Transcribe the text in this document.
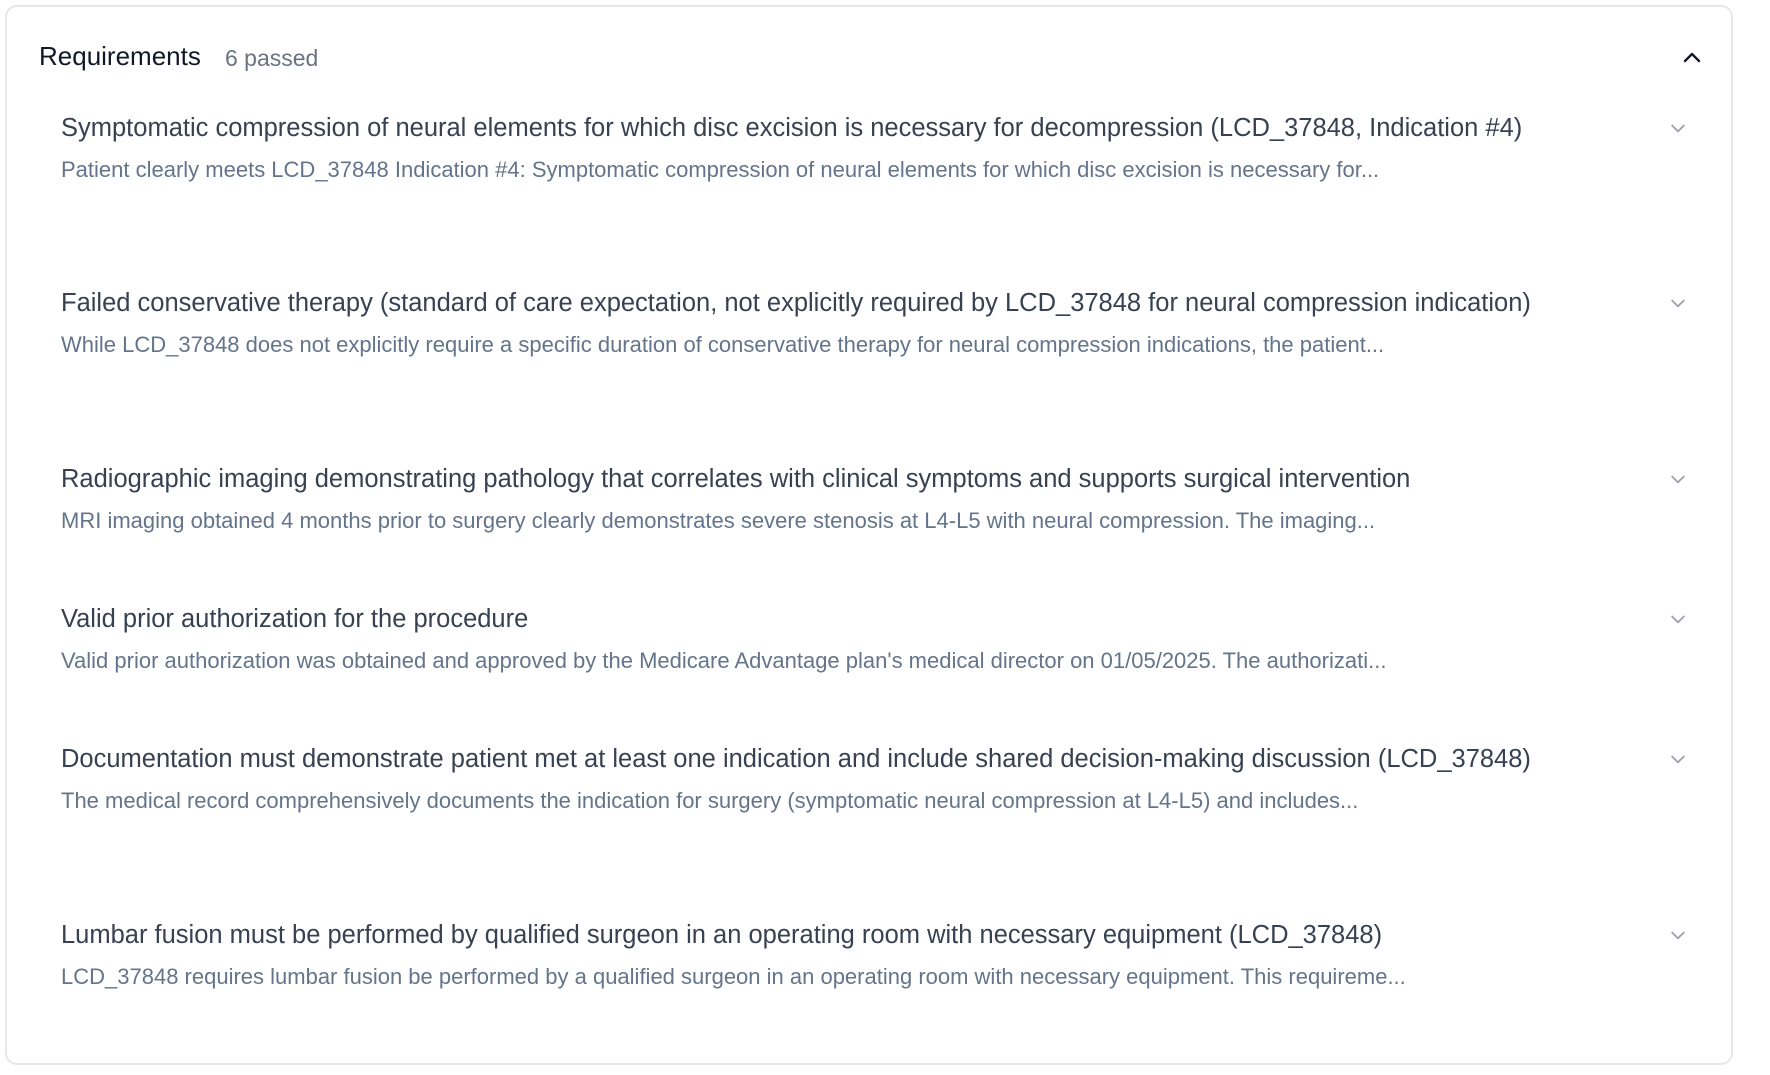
Requirements 6 passed
Symptomatic compression of neural elements for which disc excision is necessary for decompression (LCD_37848, Indication #4)
Patient clearly meets LCD_37848 Indication #4: Symptomatic compression of neural elements for which disc excision is necessary for...
Failed conservative therapy (standard of care expectation, not explicitly required by LCD_37848 for neural compression indication)
While LCD_37848 does not explicitly require a specific duration of conservative therapy for neural compression indications, the patient...
Radiographic imaging demonstrating pathology that correlates with clinical symptoms and supports surgical intervention
MRI imaging obtained 4 months prior to surgery clearly demonstrates severe stenosis at L4-L5 with neural compression. The imaging...
Valid prior authorization for the procedure
Valid prior authorization was obtained and approved by the Medicare Advantage plan's medical director on 01/05/2025. The authorizati...
Documentation must demonstrate patient met at least one indication and include shared decision-making discussion (LCD_37848)
The medical record comprehensively documents the indication for surgery (symptomatic neural compression at L4-L5) and includes...
Lumbar fusion must be performed by qualified surgeon in an operating room with necessary equipment (LCD_37848)
LCD_37848 requires lumbar fusion be performed by a qualified surgeon in an operating room with necessary equipment. This requireme...
